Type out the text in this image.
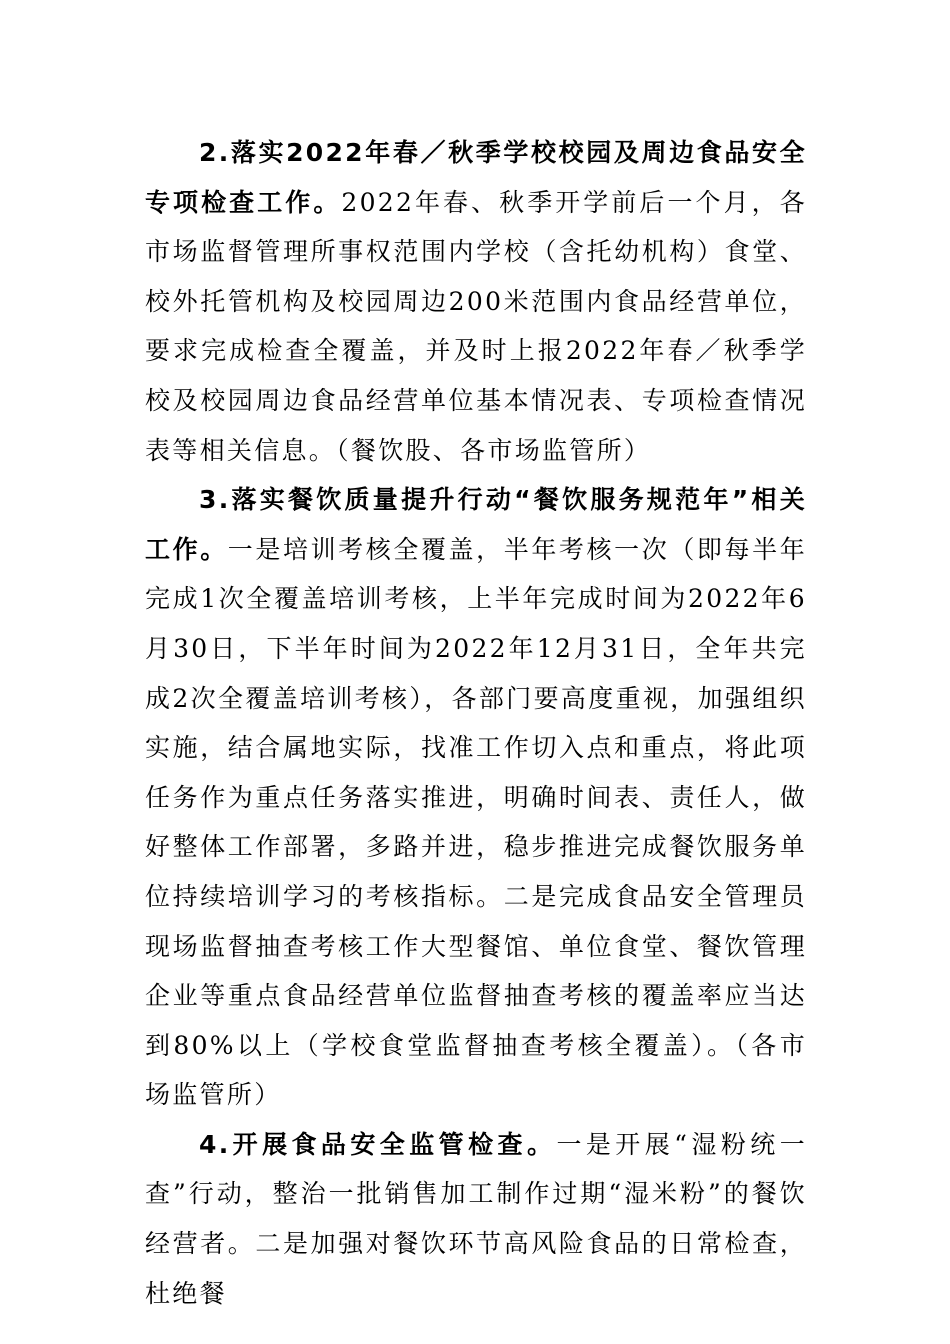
2.落实2022年春／秋季学校校园及周边食品安全专项检查工作。2022年春、秋季开学前后一个月，各市场监督管理所事权范围内学校（含托幼机构）食堂、校外托管机构及校园周边200米范围内食品经营单位，要求完成检查全覆盖，并及时上报2022年春／秋季学校及校园周边食品经营单位基本情况表、专项检查情况表等相关信息。（餐饮股、各市场监管所）

3.落实餐饮质量提升行动“餐饮服务规范年”相关工作。一是培训考核全覆盖，半年考核一次（即每半年完成1次全覆盖培训考核，上半年完成时间为2022年6月30日，下半年时间为2022年12月31日，全年共完成2次全覆盖培训考核），各部门要高度重视，加强组织实施，结合属地实际，找准工作切入点和重点，将此项任务作为重点任务落实推进，明确时间表、责任人，做好整体工作部署，多路并进，稳步推进完成餐饮服务单位持续培训学习的考核指标。二是完成食品安全管理员现场监督抽查考核工作大型餐馆、单位食堂、餐饮管理企业等重点食品经营单位监督抽查考核的覆盖率应当达到80%以上（学校食堂监督抽查考核全覆盖）。（各市场监管所）

4.开展食品安全监管检查。一是开展“湿粉统一查”行动，整治一批销售加工制作过期“湿米粉”的餐饮经营者。二是加强对餐饮环节高风险食品的日常检查，杜绝餐
